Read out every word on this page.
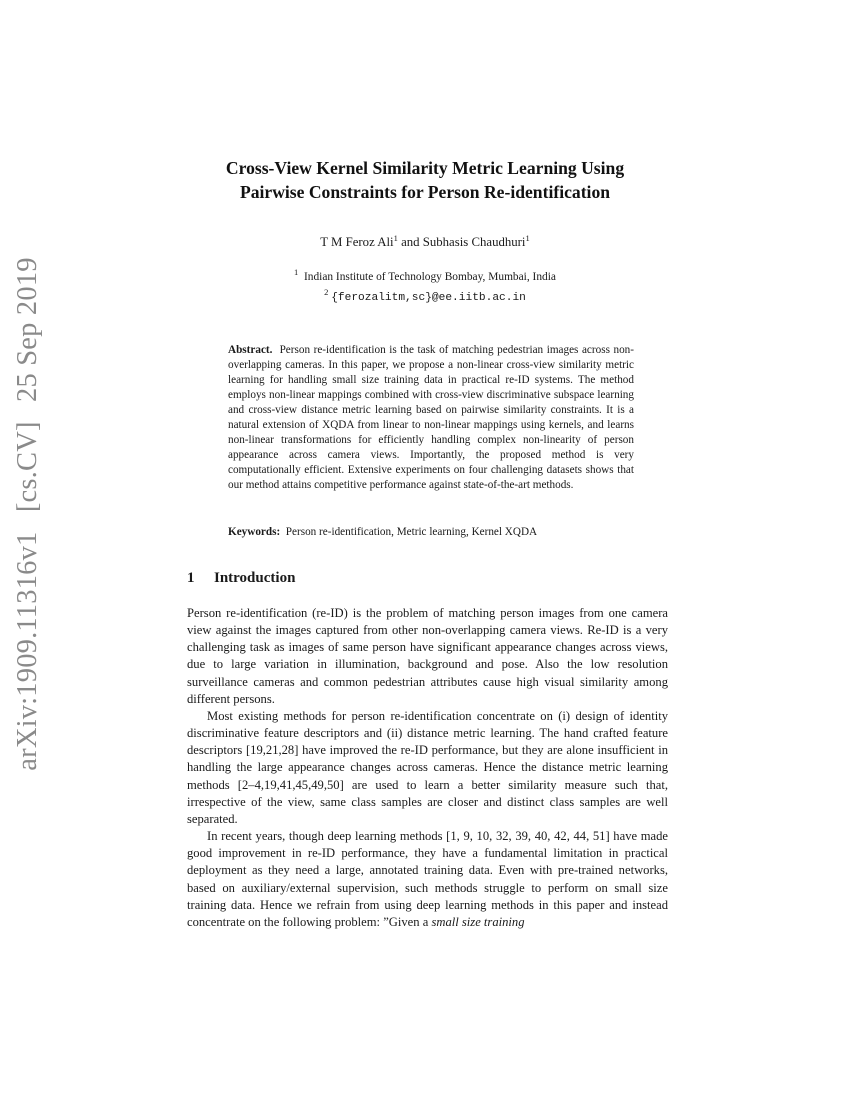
arXiv:1909.11316v1 [cs.CV] 25 Sep 2019
Cross-View Kernel Similarity Metric Learning Using
Pairwise Constraints for Person Re-identification
T M Feroz Ali$^1$ and Subhasis Chaudhuri$^1$
$^1$ Indian Institute of Technology Bombay, Mumbai, India
$^2$ {ferozalitm,sc}@ee.iitb.ac.in
Abstract. Person re-identification is the task of matching pedestrian images across non-overlapping cameras. In this paper, we propose a non-linear cross-view similarity metric learning for handling small size training data in practical re-ID systems. The method employs non-linear mappings combined with cross-view discriminative subspace learning and cross-view distance metric learning based on pairwise similarity constraints. It is a natural extension of XQDA from linear to non-linear mappings using kernels, and learns non-linear transformations for efficiently handling complex non-linearity of person appearance across camera views. Importantly, the proposed method is very computationally efficient. Extensive experiments on four challenging datasets shows that our method attains competitive performance against state-of-the-art methods.
Keywords: Person re-identification, Metric learning, Kernel XQDA
1 Introduction

Person re-identification (re-ID) is the problem of matching person images from one camera view against the images captured from other non-overlapping camera views. Re-ID is a very challenging task as images of same person have significant appearance changes across views, due to large variation in illumination, background and pose. Also the low resolution surveillance cameras and common pedestrian attributes cause high visual similarity among different persons.

Most existing methods for person re-identification concentrate on (i) design of identity discriminative feature descriptors and (ii) distance metric learning. The hand crafted feature descriptors [19,21,28] have improved the re-ID performance, but they are alone insufficient in handling the large appearance changes across cameras. Hence the distance metric learning methods [2–4,19,41,45,49,50] are used to learn a better similarity measure such that, irrespective of the view, same class samples are closer and distinct class samples are well separated.

In recent years, though deep learning methods [1, 9, 10, 32, 39, 40, 42, 44, 51] have made good improvement in re-ID performance, they have a fundamental limitation in practical deployment as they need a large, annotated training data. Even with pre-trained networks, based on auxiliary/external supervision, such methods struggle to perform on small size training data. Hence we refrain from using deep learning methods in this paper and instead concentrate on the following problem: ”Given a small size training
